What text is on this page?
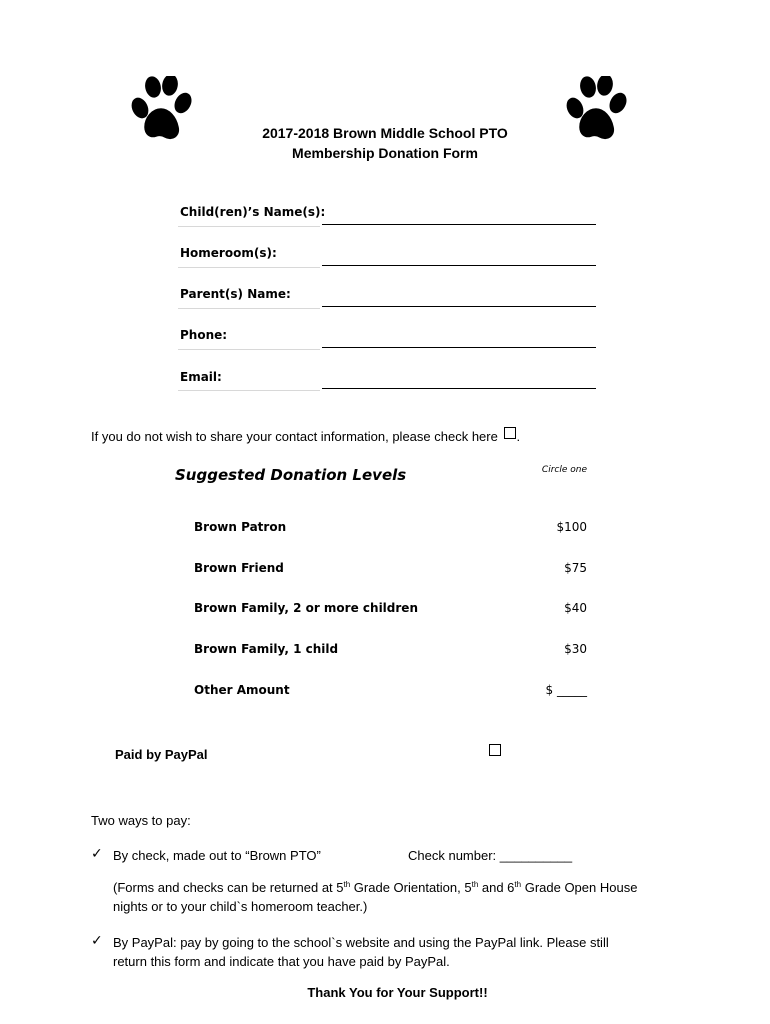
2017-2018 Brown Middle School PTO
Membership Donation Form
Child(ren)’s Name(s):
Homeroom(s):
Parent(s) Name:
Phone:
Email:
If you do not wish to share your contact information, please check here .
Suggested Donation Levels	Circle one
Brown Patron	$100
Brown Friend	$75
Brown Family, 2 or more children	$40
Brown Family, 1 child	$30
Other Amount	$ _____
Paid by PayPal
Two ways to pay:
✓ By check, made out to “Brown PTO”	Check number: __________
(Forms and checks can be returned at 5th Grade Orientation, 5th and 6th Grade Open House
nights or to your child`s homeroom teacher.)
✓ By PayPal: pay by going to the school`s website and using the PayPal link. Please still
return this form and indicate that you have paid by PayPal.
Thank You for Your Support!!
